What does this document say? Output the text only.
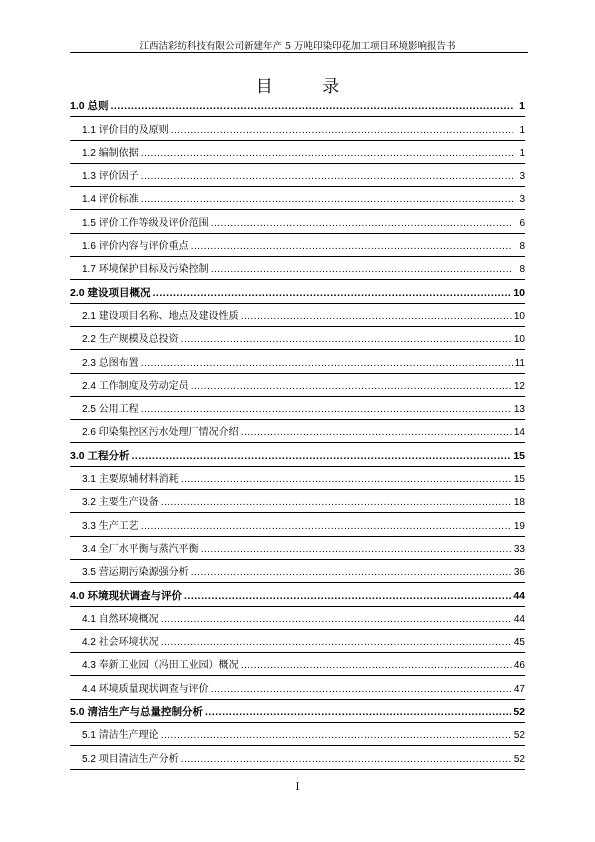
江西洁彩纺科技有限公司新建年产 5 万吨印染印花加工项目环境影响报告书
目 录
1.0 总则 .....	1
1.1 评价目的及原则 .....	1
1.2 编制依据 .....	1
1.3 评价因子 .....	3
1.4 评价标准 .....	3
1.5 评价工作等级及评价范围 .....	6
1.6 评价内容与评价重点 .....	8
1.7 环境保护目标及污染控制 .....	8
2.0 建设项目概况 .....	10
2.1 建设项目名称、地点及建设性质 .....	10
2.2 生产规模及总投资 .....	10
2.3 总图布置 .....	11
2.4 工作制度及劳动定员 .....	12
2.5 公用工程 .....	13
2.6 印染集控区污水处理厂情况介绍 .....	14
3.0 工程分析 .....	15
3.1 主要原辅材料消耗 .....	15
3.2 主要生产设备 .....	18
3.3 生产工艺 .....	19
3.4 全厂水平衡与蒸汽平衡 .....	33
3.5 营运期污染源强分析 .....	36
4.0 环境现状调查与评价 .....	44
4.1 自然环境概况 .....	44
4.2 社会环境状况 .....	45
4.3 奉新工业园（冯田工业园）概况 .....	46
4.4 环境质量现状调查与评价 .....	47
5.0 清洁生产与总量控制分析 .....	52
5.1 清洁生产理论 .....	52
5.2 项目清洁生产分析 .....	52
I
